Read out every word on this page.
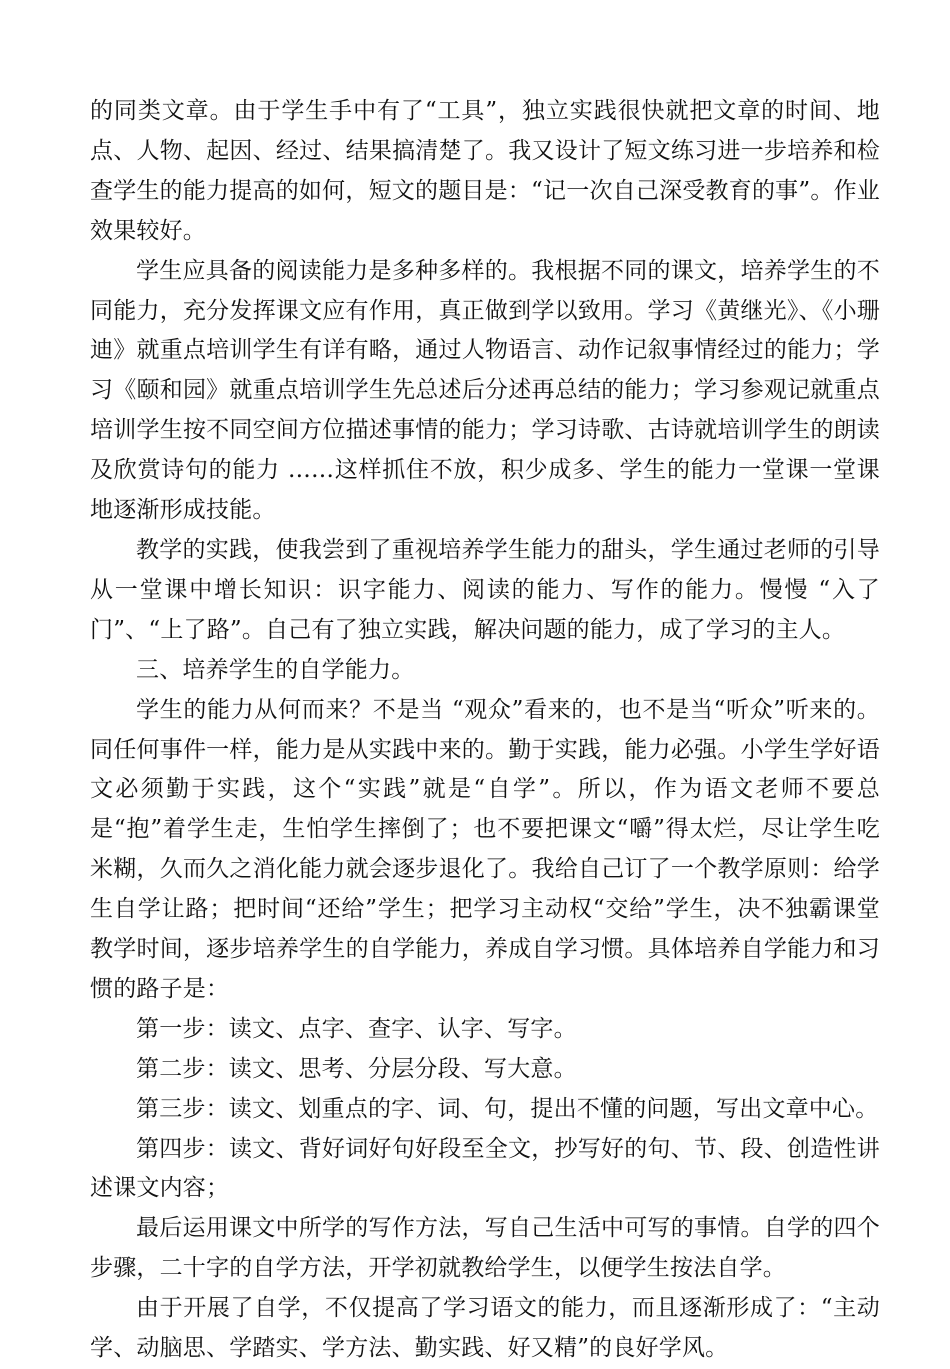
的同类文章。由于学生手中有了“工具”，独立实践很快就把文章的时间、地点、人物、起因、经过、结果搞清楚了。我又设计了短文练习进一步培养和检查学生的能力提高的如何，短文的题目是：“记一次自己深受教育的事”。作业效果较好。

学生应具备的阅读能力是多种多样的。我根据不同的课文，培养学生的不同能力，充分发挥课文应有作用，真正做到学以致用。学习《黄继光》、《小珊迪》就重点培训学生有详有略，通过人物语言、动作记叙事情经过的能力；学习《颐和园》就重点培训学生先总述后分述再总结的能力；学习参观记就重点培训学生按不同空间方位描述事情的能力；学习诗歌、古诗就培训学生的朗读及欣赏诗句的能力 ……这样抓住不放，积少成多、学生的能力一堂课一堂课地逐渐形成技能。

教学的实践，使我尝到了重视培养学生能力的甜头，学生通过老师的引导从一堂课中增长知识：识字能力、阅读的能力、写作的能力。慢慢 “入了门”、“上了路”。自己有了独立实践，解决问题的能力，成了学习的主人。

三、培养学生的自学能力。

学生的能力从何而来？不是当 “观众”看来的，也不是当“听众”听来的。同任何事件一样，能力是从实践中来的。勤于实践，能力必强。小学生学好语文必须勤于实践，这个“实践”就是“自学”。所以，作为语文老师不要总是“抱”着学生走，生怕学生摔倒了；也不要把课文“嚼”得太烂，尽让学生吃米糊，久而久之消化能力就会逐步退化了。我给自己订了一个教学原则：给学生自学让路；把时间“还给”学生；把学习主动权“交给”学生，决不独霸课堂教学时间，逐步培养学生的自学能力，养成自学习惯。具体培养自学能力和习惯的路子是：

第一步：读文、点字、查字、认字、写字。

第二步：读文、思考、分层分段、写大意。

第三步：读文、划重点的字、词、句，提出不懂的问题，写出文章中心。

第四步：读文、背好词好句好段至全文，抄写好的句、节、段、创造性讲述课文内容；

最后运用课文中所学的写作方法，写自己生活中可写的事情。自学的四个步骤，二十字的自学方法，开学初就教给学生，以便学生按法自学。

由于开展了自学，不仅提高了学习语文的能力，而且逐渐形成了：“主动学、动脑思、学踏实、学方法、勤实践、好又精”的良好学风。
